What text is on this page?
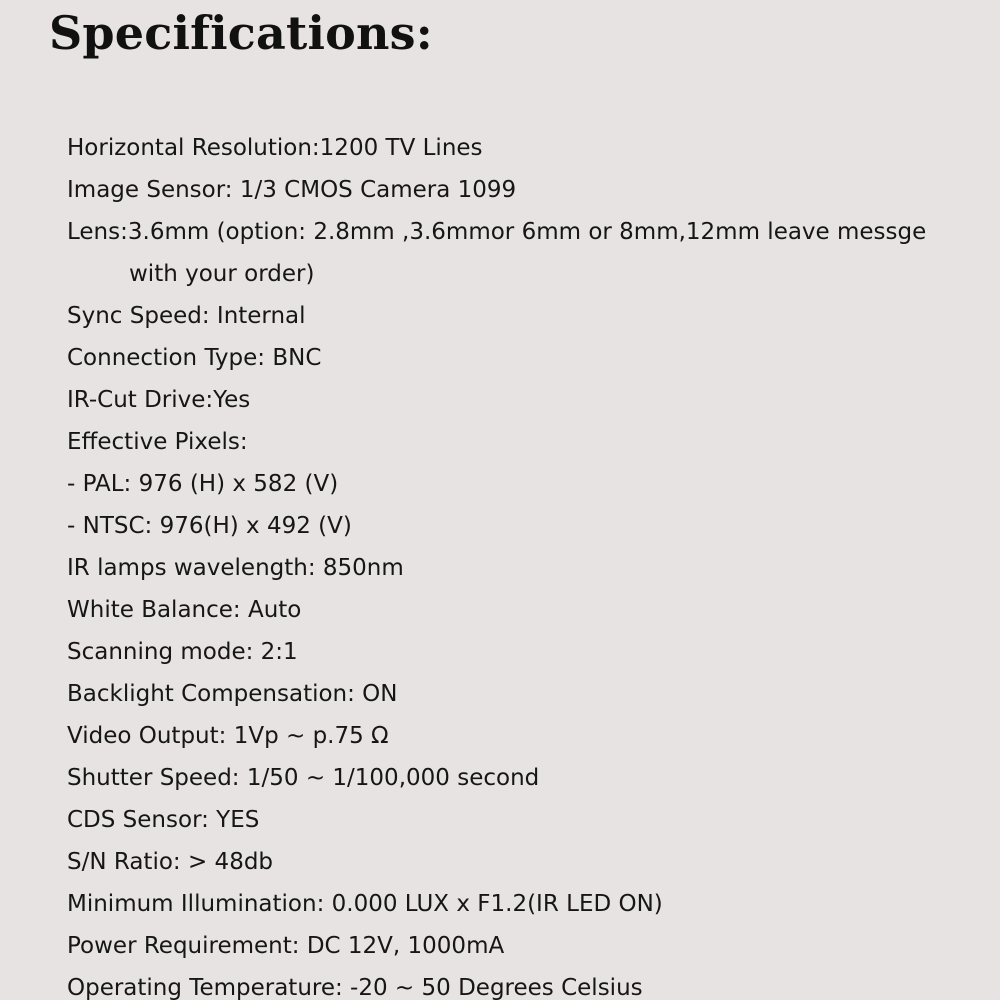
Specifications:
Horizontal Resolution:1200 TV Lines
Image Sensor: 1/3 CMOS Camera 1099
Lens:3.6mm (option: 2.8mm ,3.6mmor 6mm or 8mm,12mm leave messge
with your order)
Sync Speed: Internal
Connection Type: BNC
IR-Cut Drive:Yes
Effective Pixels:
- PAL: 976 (H) x 582 (V)
- NTSC: 976(H) x 492 (V)
IR lamps wavelength: 850nm
White Balance: Auto
Scanning mode: 2:1
Backlight Compensation: ON
Video Output: 1Vp ~ p.75 Ω
Shutter Speed: 1/50 ~ 1/100,000 second
CDS Sensor: YES
S/N Ratio: > 48db
Minimum Illumination: 0.000 LUX x F1.2(IR LED ON)
Power Requirement: DC 12V, 1000mA
Operating Temperature: -20 ~ 50 Degrees Celsius
